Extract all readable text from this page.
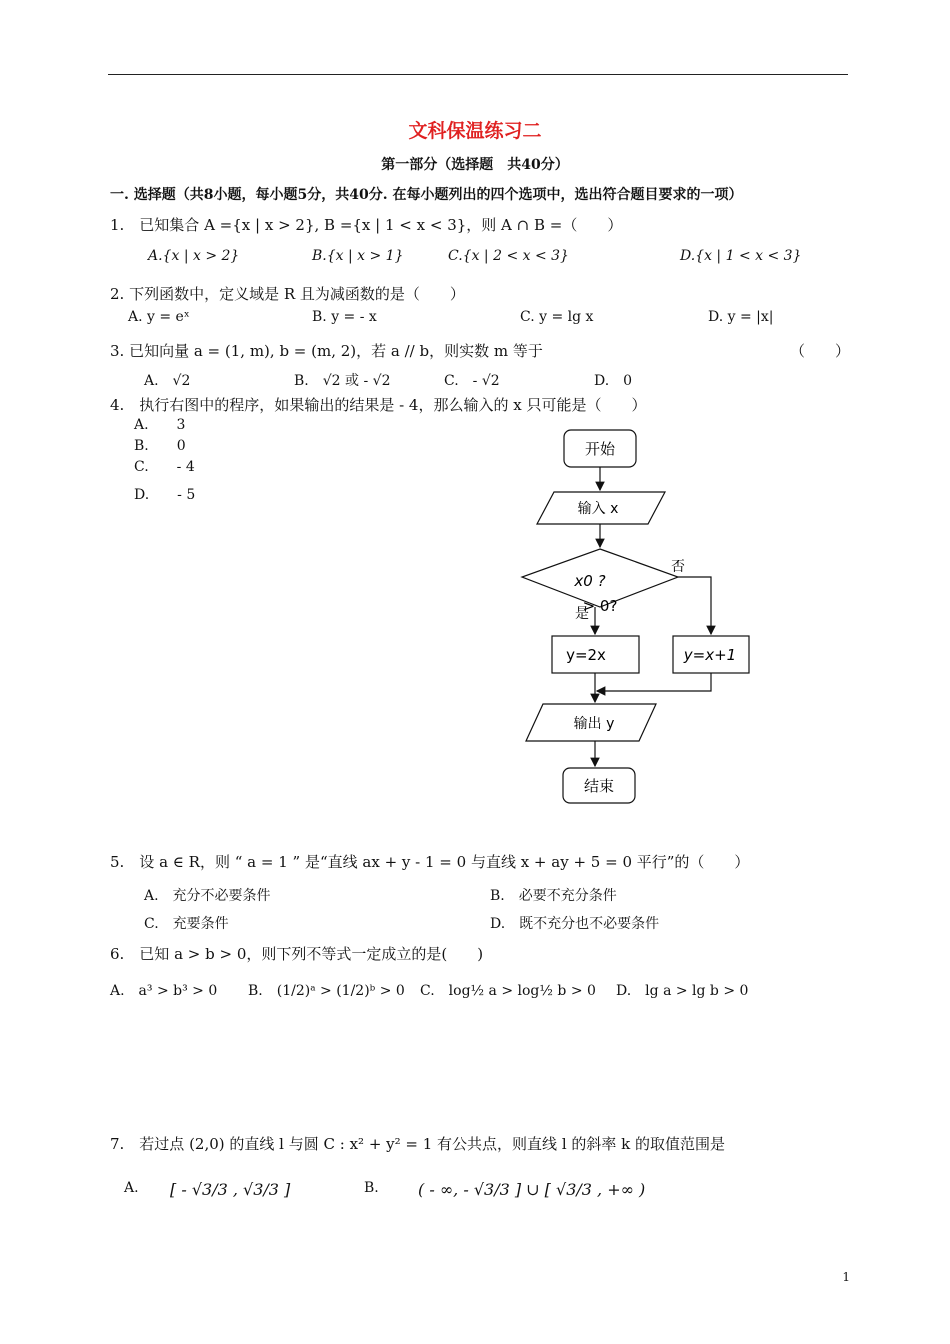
文科保温练习二
第一部分（选择题　共40分）
一. 选择题（共8小题，每小题5分，共40分. 在每小题列出的四个选项中，选出符合题目要求的一项）
1.　已知集合 A ={x | x > 2}, B ={x | 1 < x < 3}，则 A ∩ B =（　　）
A.{x | x > 2}	B.{x | x > 1}	C.{x | 2 < x < 3}	D.{x | 1 < x < 3}
2. 下列函数中，定义域是 R 且为减函数的是（　　）
A. y = eˣ	B. y = - x	C. y = lg x	D. y = |x|
3. 已知向量 a = (1, m), b = (m, 2)，若 a // b，则实数 m 等于	（　　）
A.　√2	B.　√2 或 - √2	C.　- √2	D.　0
4.　执行右图中的程序，如果输出的结果是 - 4，那么输入的 x 只可能是（　　）
A.　　3
B.　　0
C.　　- 4
D.　　- 5
开始
输入 x
x0 ?
> 0?
是
否
y=2x	y=x+1
输出 y
结束
5.　设 a ∈ R，则 “ a = 1 ” 是“直线 ax + y - 1 = 0 与直线 x + ay + 5 = 0 平行”的（　　）
A.　充分不必要条件	B.　必要不充分条件
C.　充要条件	D.　既不充分也不必要条件
6.　已知 a > b > 0，则下列不等式一定成立的是(　　)
A.　a³ > b³ > 0 B.　(1/2)ᵃ > (1/2)ᵇ > 0 C.　log½ a > log½ b > 0 D.　lg a > lg b > 0
7.　若过点 (2,0) 的直线 l 与圆 C : x² + y² = 1 有公共点，则直线 l 的斜率 k 的取值范围是
A. [ - √3/3 , √3/3 ]	B. ( - ∞, - √3/3 ] ∪ [ √3/3 , +∞ )
1
